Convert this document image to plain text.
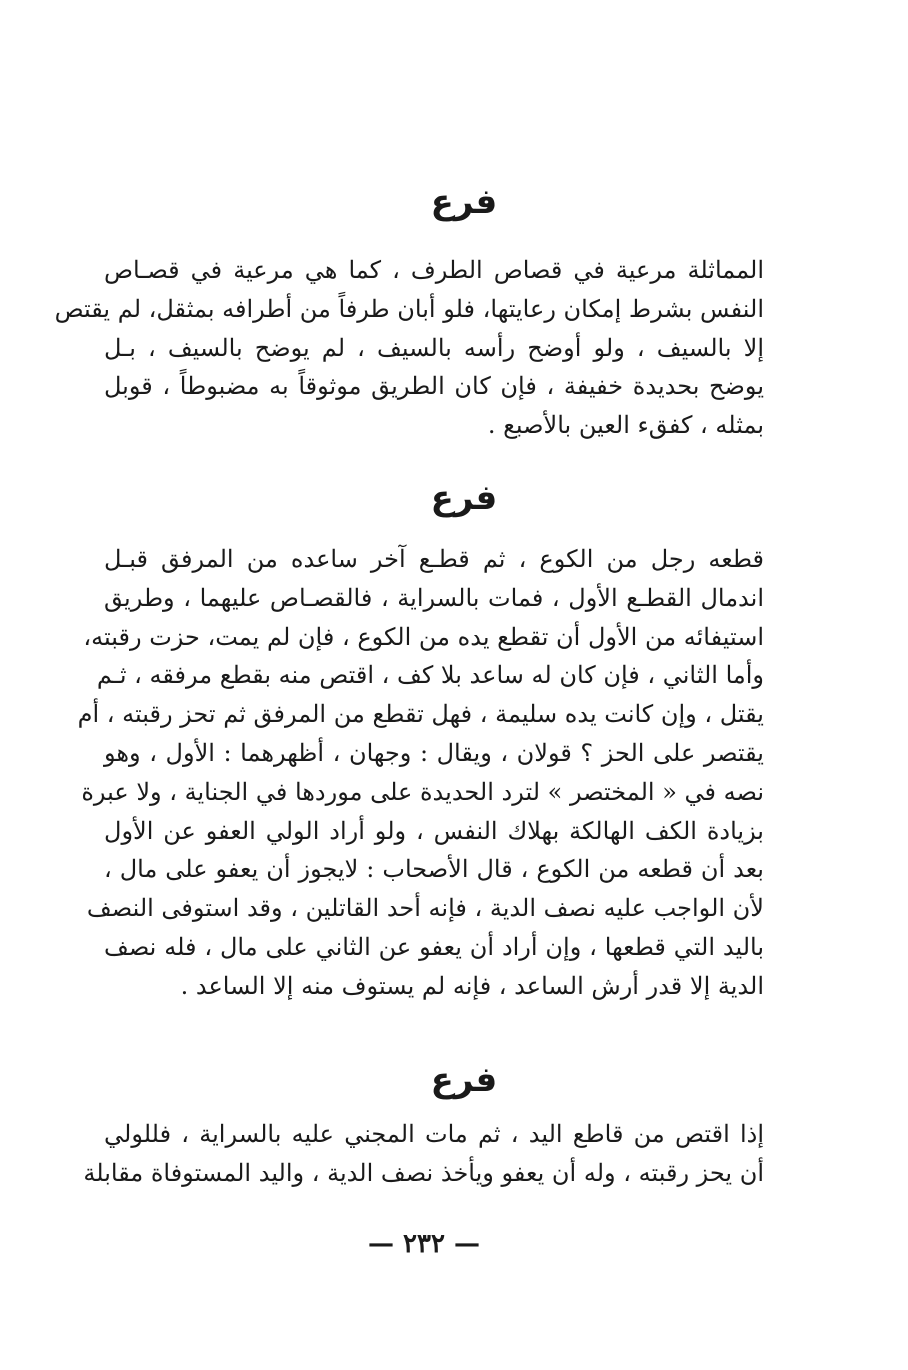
فرع
المماثلة مرعية في قصاص الطرف ، كما هي مرعية في قصـاص
النفس بشرط إمكان رعايتها، فلو أبان طرفاً من أطرافه بمثقل، لم يقتص
إلا بالسيف ، ولو أوضح رأسه بالسيف ، لم يوضح بالسيف ، بـل
يوضح بحديدة خفيفة ، فإن كان الطريق موثوقاً به مضبوطاً ، قوبل
بمثله ، كفقء العين بالأصبع .
فرع
قطعه رجل من الكوع ، ثم قطـع آخر ساعده من المرفق قبـل
اندمال القطـع الأول ، فمات بالسراية ، فالقصـاص عليهما ، وطريق
استيفائه من الأول أن تقطع يده من الكوع ، فإن لم يمت، حزت رقبته،
وأما الثاني ، فإن كان له ساعد بلا كف ، اقتص منه بقطع مرفقه ، ثـم
يقتل ، وإن كانت يده سليمة ، فهل تقطع من المرفق ثم تحز رقبته ، أم
يقتصر على الحز ؟ قولان ، ويقال : وجهان ، أظهرهما : الأول ، وهو
نصه في « المختصر » لترد الحديدة على موردها في الجناية ، ولا عبرة
بزيادة الكف الهالكة بهلاك النفس ، ولو أراد الولي العفو عن الأول
بعد أن قطعه من الكوع ، قال الأصحاب : لايجوز أن يعفو على مال ،
لأن الواجب عليه نصف الدية ، فإنه أحد القاتلين ، وقد استوفى النصف
باليد التي قطعها ، وإن أراد أن يعفو عن الثاني على مال ، فله نصف
الدية إلا قدر أرش الساعد ، فإنه لم يستوف منه إلا الساعد .
فرع
إذا اقتص من قاطع اليد ، ثم مات المجني عليه بالسراية ، فللولي
أن يحز رقبته ، وله أن يعفو ويأخذ نصف الدية ، واليد المستوفاة مقابلة
— ٢٣٢ —
